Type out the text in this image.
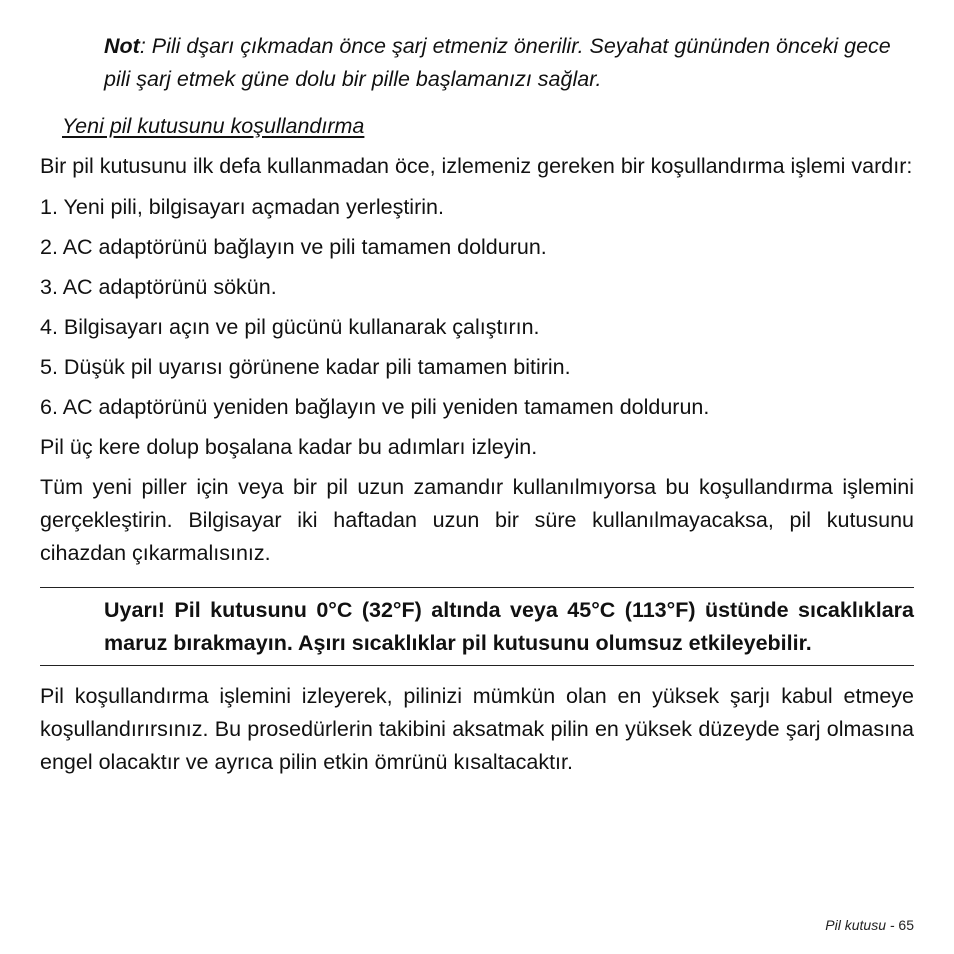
Not: Pili dşarı çıkmadan önce şarj etmeniz önerilir. Seyahat gününden önceki gece pili şarj etmek güne dolu bir pille başlamanızı sağlar.

Yeni pil kutusunu koşullandırma

Bir pil kutusunu ilk defa kullanmadan öce, izlemeniz gereken bir koşullandırma işlemi vardır:

1. Yeni pili, bilgisayarı açmadan yerleştirin.
2. AC adaptörünü bağlayın ve pili tamamen doldurun.
3. AC adaptörünü sökün.
4. Bilgisayarı açın ve pil gücünü kullanarak çalıştırın.
5. Düşük pil uyarısı görünene kadar pili tamamen bitirin.
6. AC adaptörünü yeniden bağlayın ve pili yeniden tamamen doldurun.

Pil üç kere dolup boşalana kadar bu adımları izleyin.

Tüm yeni piller için veya bir pil uzun zamandır kullanılmıyorsa bu koşullandırma işlemini gerçekleştirin. Bilgisayar iki haftadan uzun bir süre kullanılmayacaksa, pil kutusunu cihazdan çıkarmalısınız.

Uyarı! Pil kutusunu 0°C (32°F) altında veya 45°C (113°F) üstünde sıcaklıklara maruz bırakmayın. Aşırı sıcaklıklar pil kutusunu olumsuz etkileyebilir.

Pil koşullandırma işlemini izleyerek, pilinizi mümkün olan en yüksek şarjı kabul etmeye koşullandırırsınız. Bu prosedürlerin takibini aksatmak pilin en yüksek düzeyde şarj olmasına engel olacaktır ve ayrıca pilin etkin ömrünü kısaltacaktır.

Pil kutusu - 65
